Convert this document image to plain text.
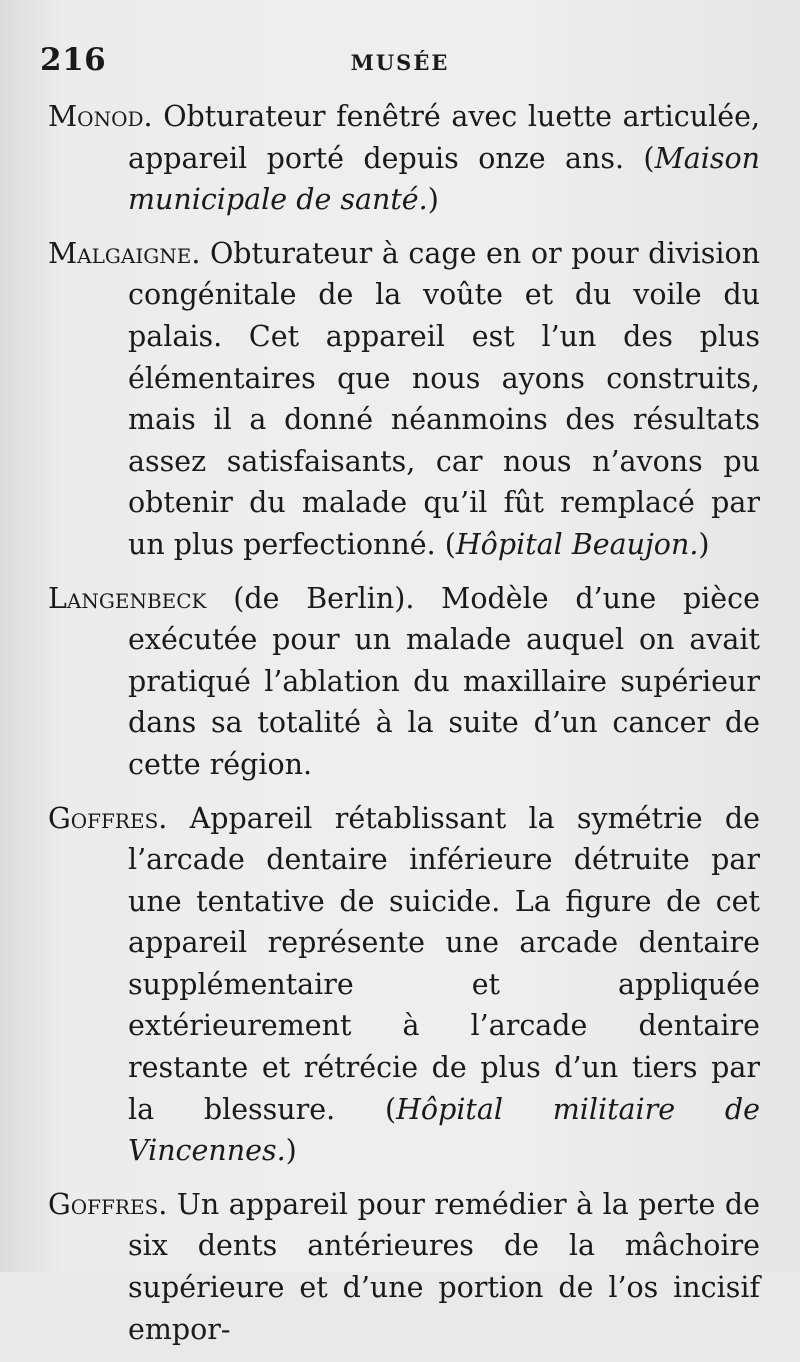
216	MUSÉE

Monod. Obturateur fenêtré avec luette articulée, appareil porté depuis onze ans. (Maison municipale de santé.)

Malgaigne. Obturateur à cage en or pour division congénitale de la voûte et du voile du palais. Cet appareil est l’un des plus élémentaires que nous ayons construits, mais il a donné néanmoins des résultats assez satisfaisants, car nous n’avons pu obtenir du malade qu’il fût remplacé par un plus perfectionné. (Hôpital Beaujon.)

Langenbeck (de Berlin). Modèle d’une pièce exécutée pour un malade auquel on avait pratiqué l’ablation du maxillaire supérieur dans sa totalité à la suite d’un cancer de cette région.

Goffres. Appareil rétablissant la symétrie de l’arcade dentaire inférieure détruite par une tentative de suicide. La figure de cet appareil représente une arcade dentaire supplémentaire et appliquée extérieurement à l’arcade dentaire restante et rétrécie de plus d’un tiers par la blessure. (Hôpital militaire de Vincennes.)

Goffres. Un appareil pour remédier à la perte de six dents antérieures de la mâchoire supérieure et d’une portion de l’os incisif empor-
